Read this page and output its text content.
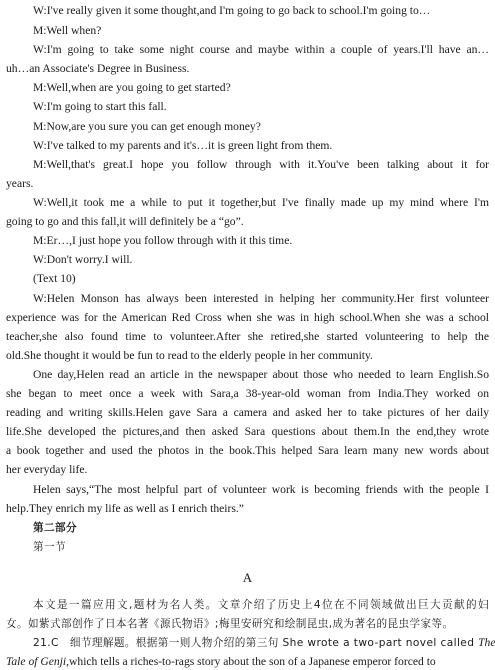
W:I've really given it some thought,and I'm going to go back to school.I'm going to…
M:Well when?
W:I'm going to take some night course and maybe within a couple of years.I'll have an…
uh…an Associate's Degree in Business.
M:Well,when are you going to get started?
W:I'm going to start this fall.
M:Now,are you sure you can get enough money?
W:I've talked to my parents and it's…it is green light from them.
M:Well,that's great.I hope you follow through with it.You've been talking about it for
years.
W:Well,it took me a while to put it together,but I've finally made up my mind where I'm
going to go and this fall,it will definitely be a “go”.
M:Er…,I just hope you follow through with it this time.
W:Don't worry.I will.
(Text 10)
W:Helen Monson has always been interested in helping her community.Her first volunteer
experience was for the American Red Cross when she was in high school.When she was a school
teacher,she also found time to volunteer.After she retired,she started volunteering to help the
old.She thought it would be fun to read to the elderly people in her community.
One day,Helen read an article in the newspaper about those who needed to learn English.So
she began to meet once a week with Sara,a 38-year-old woman from India.They worked on
reading and writing skills.Helen gave Sara a camera and asked her to take pictures of her daily
life.She developed the pictures,and then asked Sara questions about them.In the end,they wrote
a book together and used the photos in the book.This helped Sara learn many new words about
her everyday life.
Helen says,“The most helpful part of volunteer work is becoming friends with the people I
help.They enrich my life as well as I enrich theirs.”
第二部分
第一节
A
本文是一篇应用文,题材为名人类。文章介绍了历史上4位在不同领域做出巨大贡献的妇
女。如紫式部创作了日本名著《源氏物语》;梅里安研究和绘制昆虫,成为著名的昆虫学家等。
21.C　细节理解题。根据第一则人物介绍的第三句 She wrote a two-part novel called The
Tale of Genji,which tells a riches-to-rags story about the son of a Japanese emperor forced to
